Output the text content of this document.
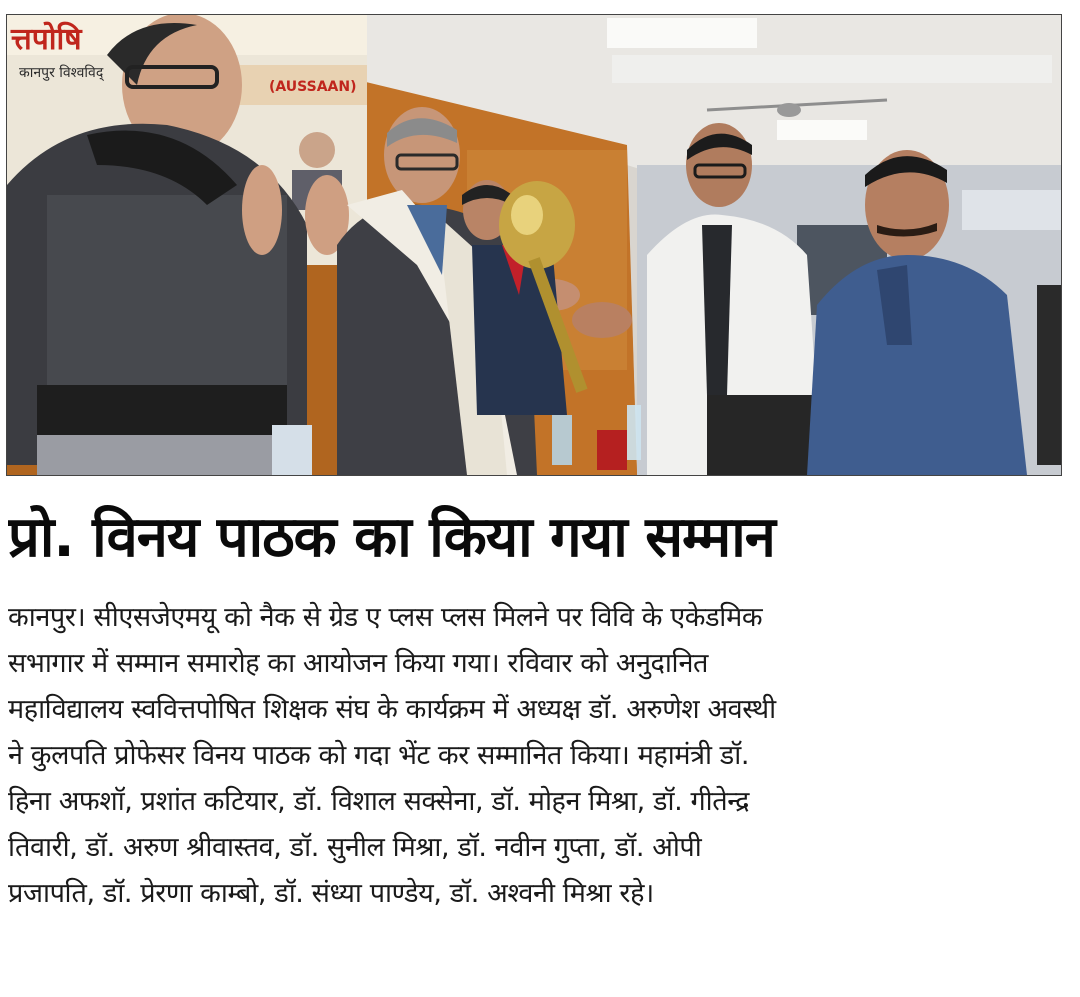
त्तपोषि
कानपुर विश्वविद्
(AUSSAAN)
प्रो. विनय पाठक का किया गया सम्मान
कानपुर। सीएसजेएमयू को नैक से ग्रेड ए प्लस प्लस मिलने पर विवि के एकेडमिक
सभागार में सम्मान समारोह का आयोजन किया गया। रविवार को अनुदानित
महाविद्यालय स्ववित्तपोषित शिक्षक संघ के कार्यक्रम में अध्यक्ष डॉ. अरुणेश अवस्थी
ने कुलपति प्रोफेसर विनय पाठक को गदा भेंट कर सम्मानित किया। महामंत्री डॉ.
हिना अफशॉ, प्रशांत कटियार, डॉ. विशाल सक्सेना, डॉ. मोहन मिश्रा, डॉ. गीतेन्द्र
तिवारी, डॉ. अरुण श्रीवास्तव, डॉ. सुनील मिश्रा, डॉ. नवीन गुप्ता, डॉ. ओपी
प्रजापति, डॉ. प्रेरणा काम्बो, डॉ. संध्या पाण्डेय, डॉ. अश्वनी मिश्रा रहे।
